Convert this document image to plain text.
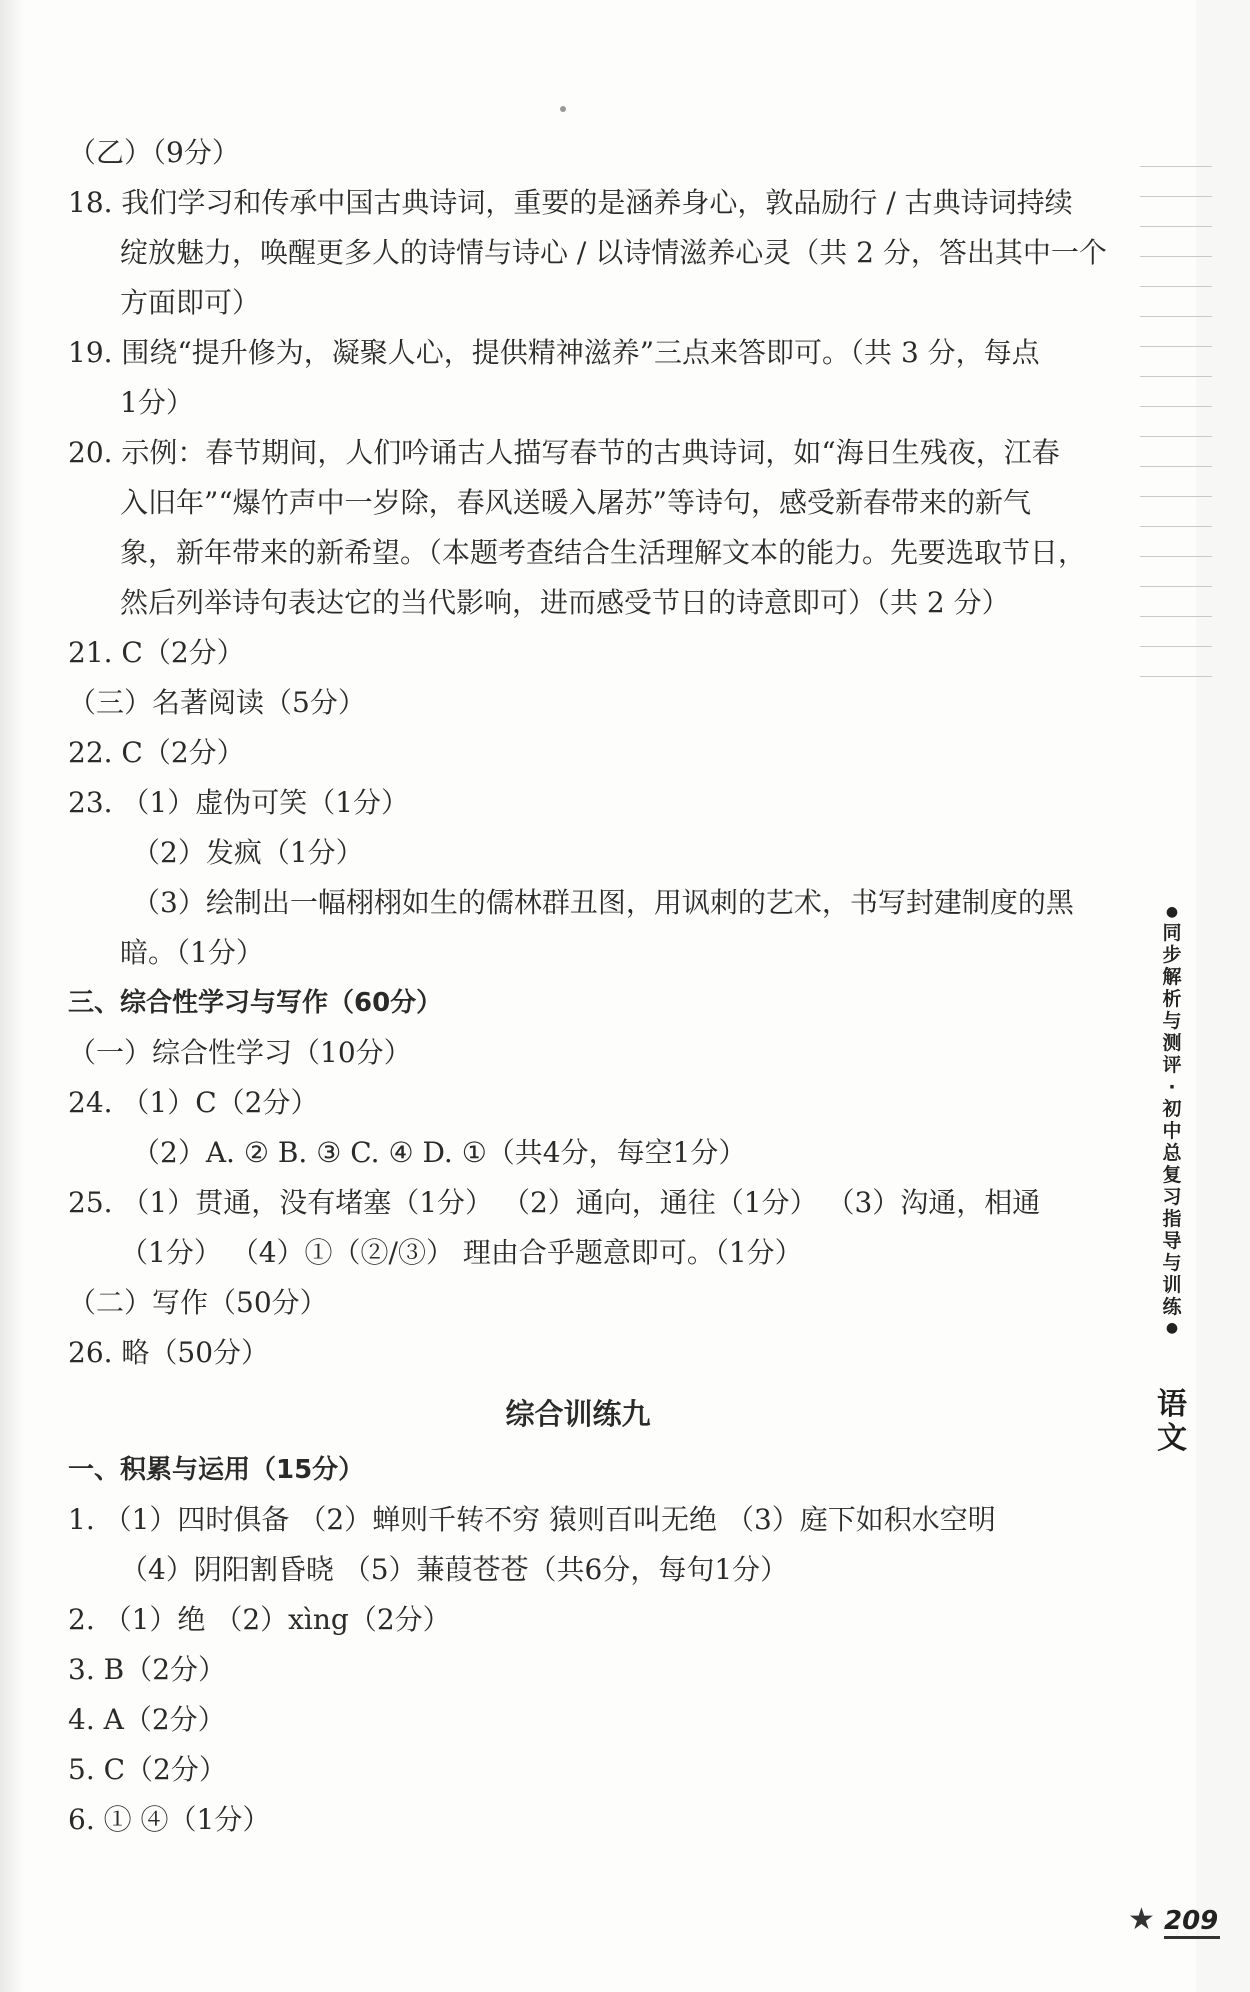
（乙）（9分）
18. 我们学习和传承中国古典诗词，重要的是涵养身心，敦品励行 / 古典诗词持续
绽放魅力，唤醒更多人的诗情与诗心 / 以诗情滋养心灵（共 2 分，答出其中一个
方面即可）
19. 围绕“提升修为，凝聚人心，提供精神滋养”三点来答即可。（共 3 分，每点
1分）
20. 示例：春节期间，人们吟诵古人描写春节的古典诗词，如“海日生残夜，江春
入旧年”“爆竹声中一岁除，春风送暖入屠苏”等诗句，感受新春带来的新气
象，新年带来的新希望。（本题考查结合生活理解文本的能力。先要选取节日，
然后列举诗句表达它的当代影响，进而感受节日的诗意即可）（共 2 分）
21. C（2分）
（三）名著阅读（5分）
22. C（2分）
23. （1）虚伪可笑（1分）
（2）发疯（1分）
（3）绘制出一幅栩栩如生的儒林群丑图，用讽刺的艺术，书写封建制度的黑
暗。（1分）
三、综合性学习与写作（60分）
（一）综合性学习（10分）
24. （1）C（2分）
（2）A. ② B. ③ C. ④ D. ①（共4分，每空1分）
25. （1）贯通，没有堵塞（1分） （2）通向，通往（1分） （3）沟通，相通
（1分） （4）①（②/③） 理由合乎题意即可。（1分）
（二）写作（50分）
26. 略（50分）
综合训练九
一、积累与运用（15分）
1. （1）四时俱备 （2）蝉则千转不穷 猿则百叫无绝 （3）庭下如积水空明
（4）阴阳割昏晓 （5）蒹葭苍苍（共6分，每句1分）
2. （1）绝 （2）xìng（2分）
3. B（2分）
4. A（2分）
5. C（2分）
6. ① ④（1分）
●
同
步
解
析
与
测
评
·
初
中
总
复
习
指
导
与
训
练
●
语
文
★ 209
